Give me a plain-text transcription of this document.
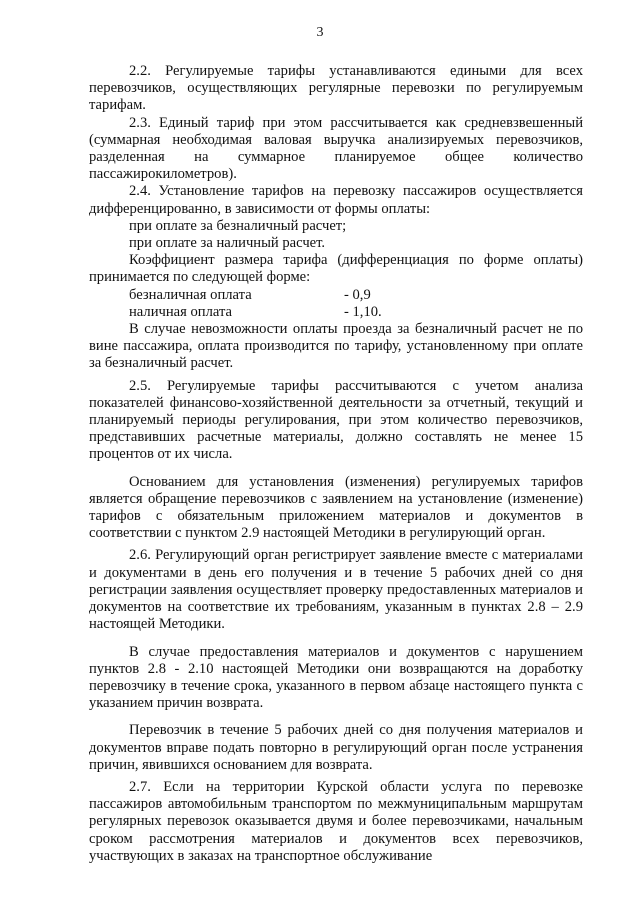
3

2.2. Регулируемые тарифы устанавливаются едиными для всех перевозчиков, осуществляющих регулярные перевозки по регулируемым тарифам.

2.3. Единый тариф при этом рассчитывается как средневзвешенный (суммарная необходимая валовая выручка анализируемых перевозчиков, разделенная на суммарное планируемое общее количество пассажирокилометров).

2.4. Установление тарифов на перевозку пассажиров осуществляется дифференцированно, в зависимости от формы оплаты:

при оплате за безналичный расчет;

при оплате за наличный расчет.

Коэффициент размера тарифа (дифференциация по форме оплаты) принимается по следующей форме:

безналичная оплата	- 0,9
наличная оплата	- 1,10.

В случае невозможности оплаты проезда за безналичный расчет не по вине пассажира, оплата производится по тарифу, установленному при оплате за безналичный расчет.

2.5. Регулируемые тарифы рассчитываются с учетом анализа показателей финансово-хозяйственной деятельности за отчетный, текущий и планируемый периоды регулирования, при этом количество перевозчиков, представивших расчетные материалы, должно составлять не менее 15 процентов от их числа.

Основанием для установления (изменения) регулируемых тарифов является обращение перевозчиков с заявлением на установление (изменение) тарифов с обязательным приложением материалов и документов в соответствии с пунктом 2.9 настоящей Методики в регулирующий орган.

2.6. Регулирующий орган регистрирует заявление вместе с материалами и документами в день его получения и в течение 5 рабочих дней со дня регистрации заявления осуществляет проверку предоставленных материалов и документов на соответствие их требованиям, указанным в пунктах 2.8 – 2.9 настоящей Методики.

В случае предоставления материалов и документов с нарушением пунктов 2.8 - 2.10 настоящей Методики они возвращаются на доработку перевозчику в течение срока, указанного в первом абзаце настоящего пункта с указанием причин возврата.

Перевозчик в течение 5 рабочих дней со дня получения материалов и документов вправе подать повторно в регулирующий орган после устранения причин, явившихся основанием для возврата.

2.7. Если на территории Курской области услуга по перевозке пассажиров автомобильным транспортом по межмуниципальным маршрутам регулярных перевозок оказывается двумя и более перевозчиками, начальным сроком рассмотрения материалов и документов всех перевозчиков, участвующих в заказах на транспортное обслуживание
